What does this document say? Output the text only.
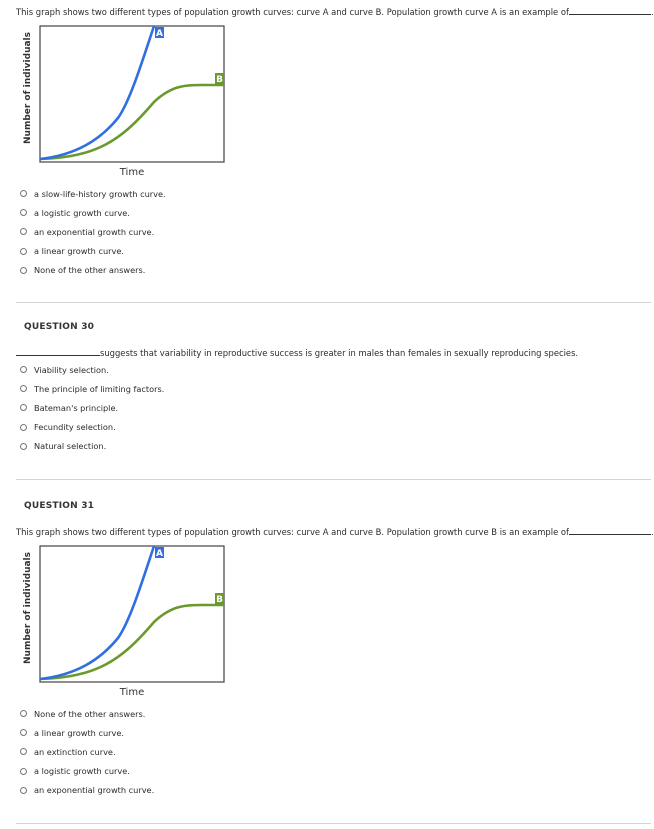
This graph shows two different types of population growth curves: curve A and curve B. Population growth curve A is an example of	.
Number of individuals	A
B
Time
a slow-life-history growth curve.
a logistic growth curve.
an exponential growth curve.
a linear growth curve.
None of the other answers.
QUESTION 30
suggests that variability in reproductive success is greater in males than females in sexually reproducing species.
Viability selection.
The principle of limiting factors.
Bateman's principle.
Fecundity selection.
Natural selection.
QUESTION 31
This graph shows two different types of population growth curves: curve A and curve B. Population growth curve B is an example of	.
Number of individuals	A
B
Time
None of the other answers.
a linear growth curve.
an extinction curve.
a logistic growth curve.
an exponential growth curve.
